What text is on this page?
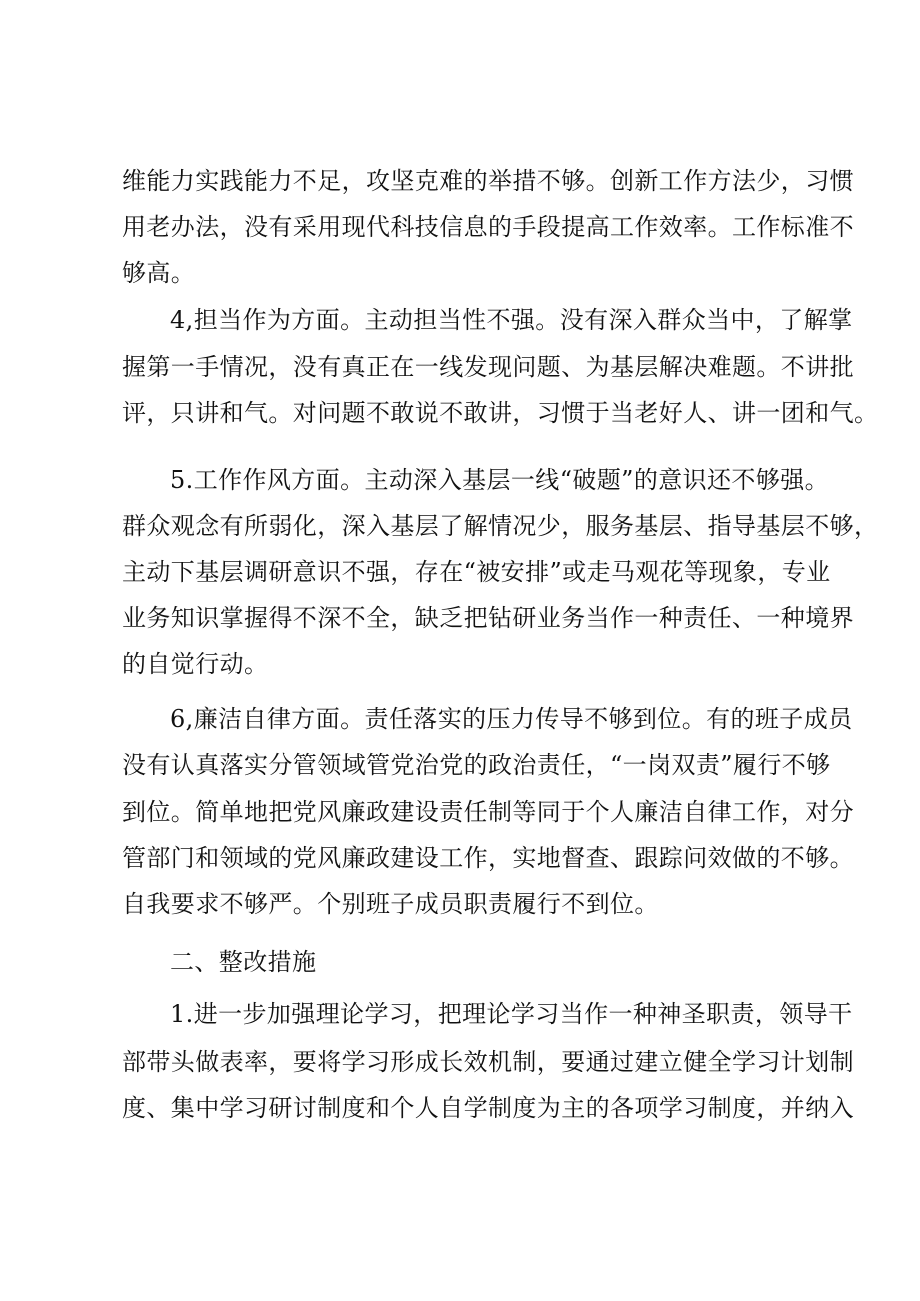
维能力实践能力不足，攻坚克难的举措不够。创新工作方法少，习惯
用老办法，没有采用现代科技信息的手段提高工作效率。工作标准不
够高。
4,担当作为方面。主动担当性不强。没有深入群众当中，了解掌
握第一手情况，没有真正在一线发现问题、为基层解决难题。不讲批
评，只讲和气。对问题不敢说不敢讲，习惯于当老好人、讲一团和气。
5.工作作风方面。主动深入基层一线“破题”的意识还不够强。
群众观念有所弱化，深入基层了解情况少，服务基层、指导基层不够，
主动下基层调研意识不强，存在“被安排”或走马观花等现象，专业
业务知识掌握得不深不全，缺乏把钻研业务当作一种责任、一种境界
的自觉行动。
6,廉洁自律方面。责任落实的压力传导不够到位。有的班子成员
没有认真落实分管领域管党治党的政治责任，“一岗双责”履行不够
到位。简单地把党风廉政建设责任制等同于个人廉洁自律工作，对分
管部门和领域的党风廉政建设工作，实地督查、跟踪问效做的不够。
自我要求不够严。个别班子成员职责履行不到位。
二、整改措施
1.进一步加强理论学习，把理论学习当作一种神圣职责，领导干
部带头做表率，要将学习形成长效机制，要通过建立健全学习计划制
度、集中学习研讨制度和个人自学制度为主的各项学习制度，并纳入
